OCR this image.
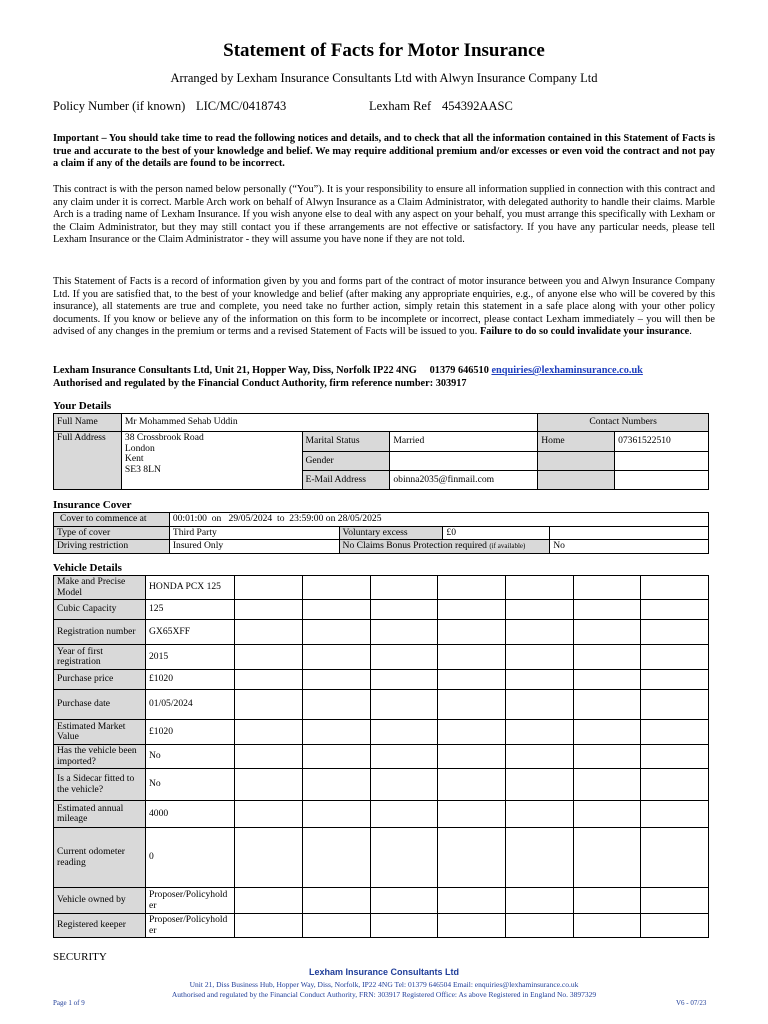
Statement of Facts for Motor Insurance
Arranged by Lexham Insurance Consultants Ltd with Alwyn Insurance Company Ltd
Policy Number (if known) LIC/MC/0418743	Lexham Ref 454392AASC
Important – You should take time to read the following notices and details, and to check that all the information contained in this Statement of Facts is true and accurate to the best of your knowledge and belief. We may require additional premium and/or excesses or even void the contract and not pay a claim if any of the details are found to be incorrect.
This contract is with the person named below personally (“You”). It is your responsibility to ensure all information supplied in connection with this contract and any claim under it is correct. Marble Arch work on behalf of Alwyn Insurance as a Claim Administrator, with delegated authority to handle their claims. Marble Arch is a trading name of Lexham Insurance. If you wish anyone else to deal with any aspect on your behalf, you must arrange this specifically with Lexham or the Claim Administrator, but they may still contact you if these arrangements are not effective or satisfactory. If you have any particular needs, please tell Lexham Insurance or the Claim Administrator - they will assume you have none if they are not told.
This Statement of Facts is a record of information given by you and forms part of the contract of motor insurance between you and Alwyn Insurance Company Ltd. If you are satisfied that, to the best of your knowledge and belief (after making any appropriate enquiries, e.g., of anyone else who will be covered by this insurance), all statements are true and complete, you need take no further action, simply retain this statement in a safe place along with your other policy documents. If you know or believe any of the information on this form to be incomplete or incorrect, please contact Lexham immediately – you will then be advised of any changes in the premium or terms and a revised Statement of Facts will be issued to you. Failure to do so could invalidate your insurance.
Lexham Insurance Consultants Ltd, Unit 21, Hopper Way, Diss, Norfolk IP22 4NG     01379 646510 enquiries@lexhaminsurance.co.uk
Authorised and regulated by the Financial Conduct Authority, firm reference number: 303917
Your Details
Full Name	Mr Mohammed Sehab Uddin			Contact Numbers	
Full Address	38 Crossbrook Road
London
Kent
SE3 8LN	Marital Status	Married	Home	07361522510
		Gender			
		E-Mail Address	obinna2035@finmail.com		
Insurance Cover
Cover to commence at	00:01:00  on   29/05/2024  to  23:59:00 on 28/05/2025			
Type of cover	Third Party	Voluntary excess	£0	
Driving restriction	Insured Only	No Claims Bonus Protection required (if available)		No
Vehicle Details
Make and Precise Model	HONDA PCX 125							
Cubic Capacity	125							
Registration number	GX65XFF							
Year of first registration	2015							
Purchase price	£1020							
Purchase date	01/05/2024							
Estimated Market Value	£1020							
Has the vehicle been imported?	No							
Is a Sidecar fitted to the vehicle?	No							
Estimated annual mileage	4000							
Current odometer reading	0							
Vehicle owned by	Proposer/Policyholder							
Registered keeper	Proposer/Policyholder							
SECURITY
Lexham Insurance Consultants Ltd
Unit 21, Diss Business Hub, Hopper Way, Diss, Norfolk, IP22 4NG Tel: 01379 646504 Email: enquiries@lexhaminsurance.co.uk
Authorised and regulated by the Financial Conduct Authority, FRN: 303917 Registered Office: As above Registered in England No. 3897329
Page 1 of 9	V6 - 07/23
